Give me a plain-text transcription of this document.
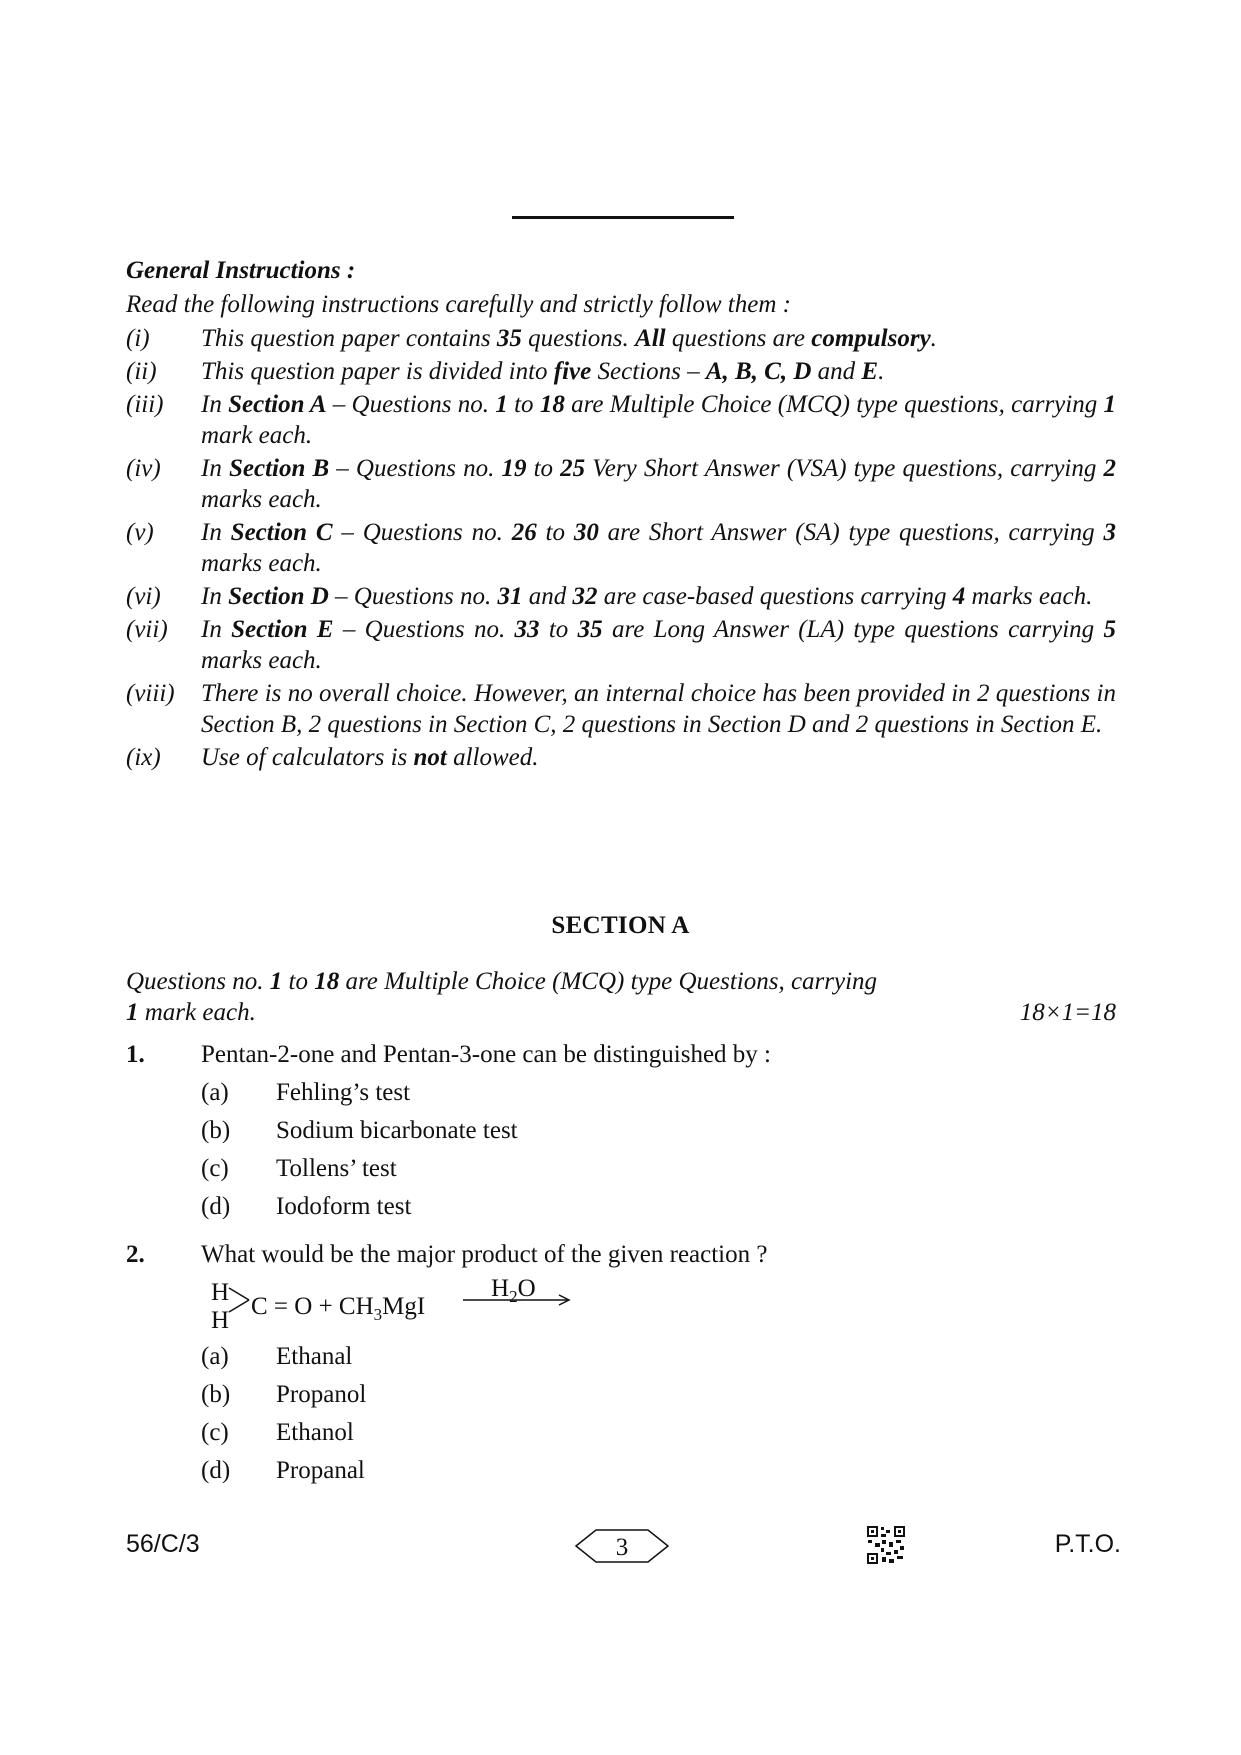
General Instructions :
Read the following instructions carefully and strictly follow them :
(i)	This question paper contains 35 questions. All questions are compulsory.
(ii)	This question paper is divided into five Sections – A, B, C, D and E.
(iii)	In Section A – Questions no. 1 to 18 are Multiple Choice (MCQ) type questions, carrying 1 mark each.
(iv)	In Section B – Questions no. 19 to 25 Very Short Answer (VSA) type questions, carrying 2 marks each.
(v)	In Section C – Questions no. 26 to 30 are Short Answer (SA) type questions, carrying 3 marks each.
(vi)	In Section D – Questions no. 31 and 32 are case-based questions carrying 4 marks each.
(vii)	In Section E – Questions no. 33 to 35 are Long Answer (LA) type questions carrying 5 marks each.
(viii)	There is no overall choice. However, an internal choice has been provided in 2 questions in Section B, 2 questions in Section C, 2 questions in Section D and 2 questions in Section E.
(ix)	Use of calculators is not allowed.
SECTION A
Questions no. 1 to 18 are Multiple Choice (MCQ) type Questions, carrying
1 mark each.	18×1=18
1.	Pentan-2-one and Pentan-3-one can be distinguished by :
(a)	Fehling’s test
(b)	Sodium bicarbonate test
(c)	Tollens’ test
(d)	Iodoform test
2.	What would be the major product of the given reaction ?
H
H
$C = O + CH_3MgI$
$H_2O$
(a)	Ethanal
(b)	Propanol
(c)	Ethanol
(d)	Propanal
56/C/3	3	P.T.O.
